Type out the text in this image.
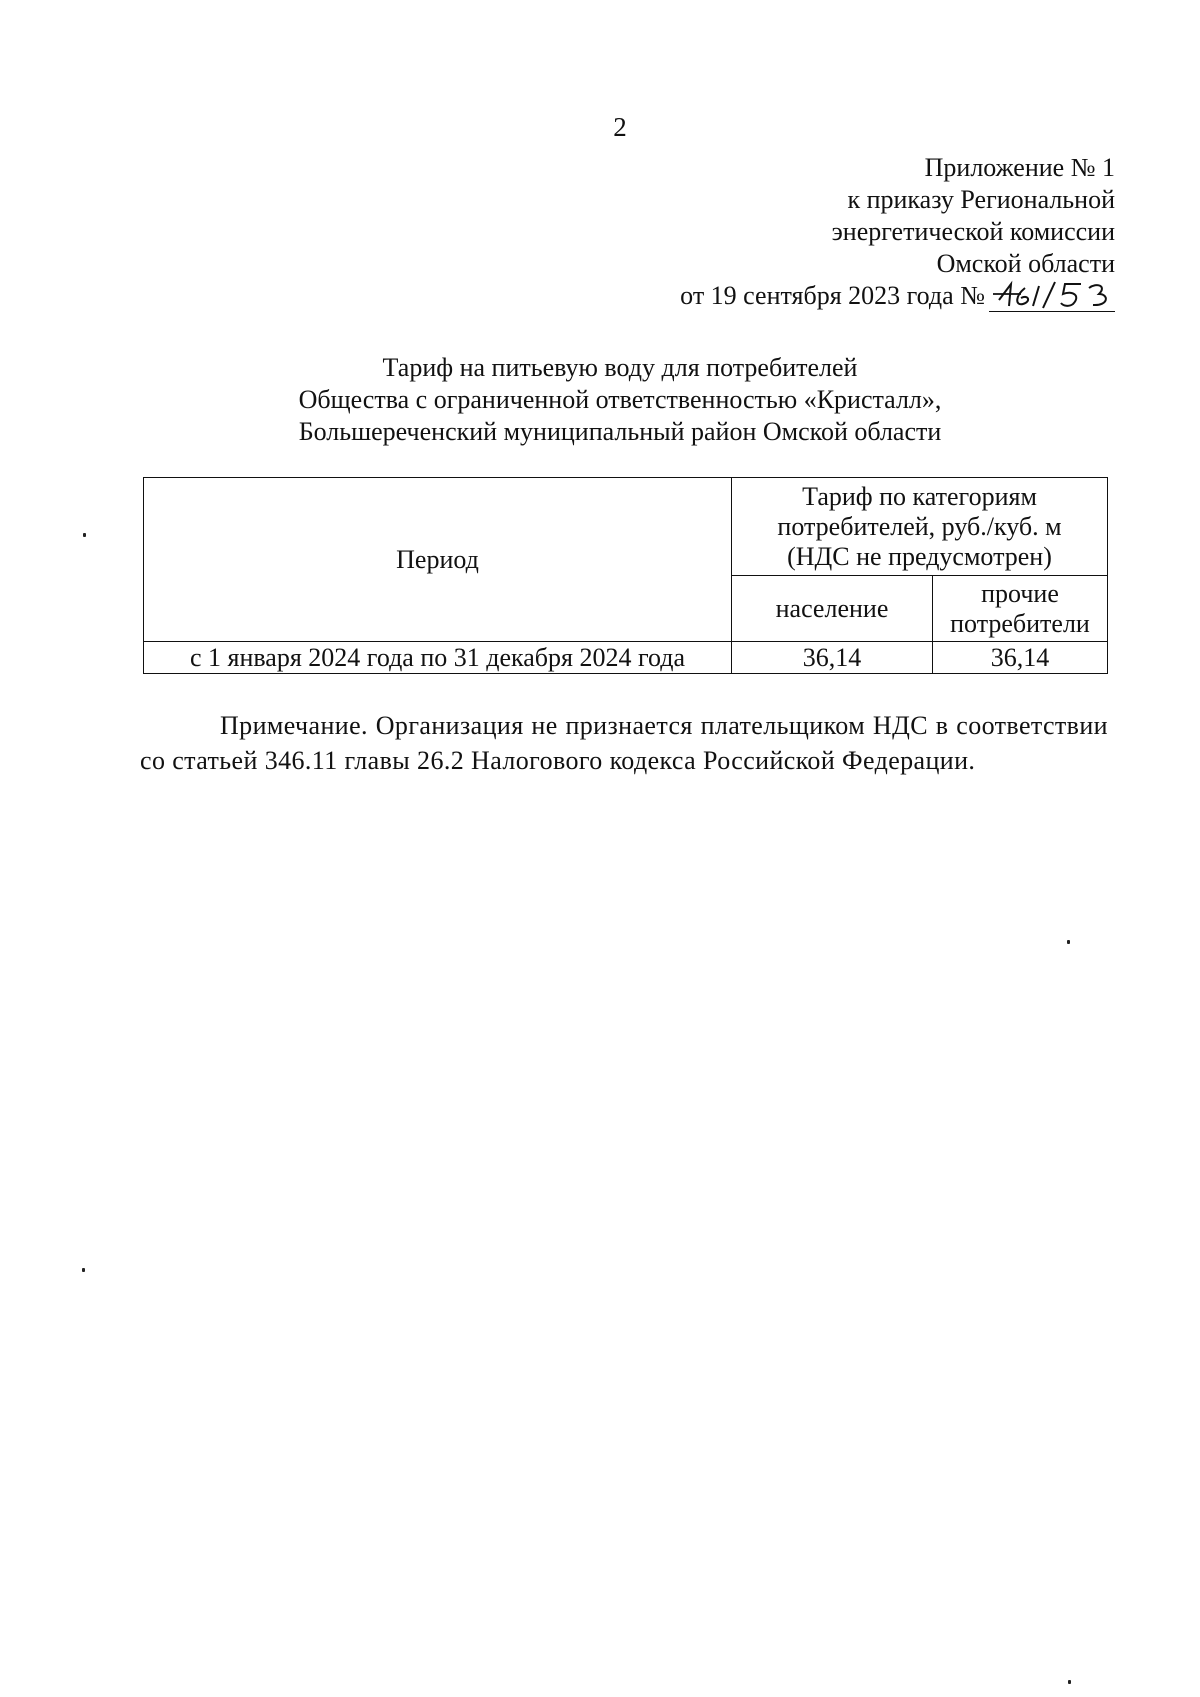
2
Приложение № 1
к приказу Региональной
энергетической комиссии
Омской области
от 19 сентября 2023 года №
Тариф на питьевую воду для потребителей
Общества с ограниченной ответственностью «Кристалл»,
Большереченский муниципальный район Омской области
Период	Тариф по категориям
потребителей, руб./куб. м
(НДС не предусмотрен)	

	население	прочие
потребители

с 1 января 2024 года по 31 декабря 2024 года	36,14	36,14
Примечание. Организация не признается плательщиком НДС в соответствии со статьей 346.11 главы 26.2 Налогового кодекса Российской Федерации.
